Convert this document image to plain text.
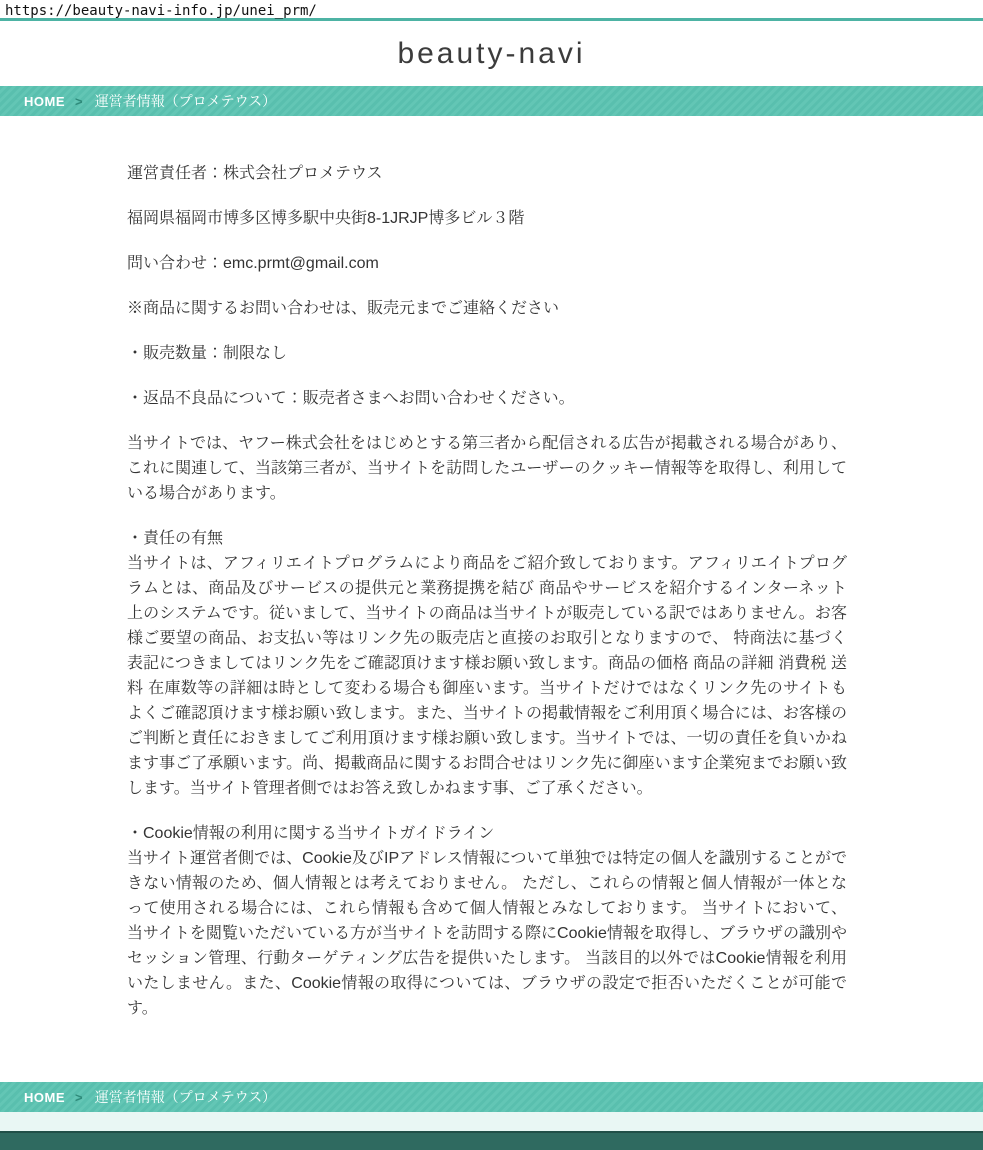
https://beauty-navi-info.jp/unei_prm/
beauty-navi
HOME > 運営者情報（プロメテウス）

運営責任者：株式会社プロメテウス

福岡県福岡市博多区博多駅中央街8-1JRJP博多ビル３階

問い合わせ：emc.prmt@gmail.com

※商品に関するお問い合わせは、販売元までご連絡ください

・販売数量：制限なし

・返品不良品について：販売者さまへお問い合わせください。

当サイトでは、ヤフー株式会社をはじめとする第三者から配信される広告が掲載される場合があり、これに関連して、当該第三者が、当サイトを訪問したユーザーのクッキー情報等を取得し、利用している場合があります。

・責任の有無
当サイトは、アフィリエイトプログラムにより商品をご紹介致しております。アフィリエイトプログラムとは、商品及びサービスの提供元と業務提携を結び 商品やサービスを紹介するインターネット上のシステムです。従いまして、当サイトの商品は当サイトが販売している訳ではありません。お客様ご要望の商品、お支払い等はリンク先の販売店と直接のお取引となりますので、 特商法に基づく表記につきましてはリンク先をご確認頂けます様お願い致します。商品の価格 商品の詳細 消費税 送料 在庫数等の詳細は時として変わる場合も御座います。当サイトだけではなくリンク先のサイトもよくご確認頂けます様お願い致します。また、当サイトの掲載情報をご利用頂く場合には、お客様のご判断と責任におきましてご利用頂けます様お願い致します。当サイトでは、一切の責任を負いかねます事ご了承願います。尚、掲載商品に関するお問合せはリンク先に御座います企業宛までお願い致します。当サイト管理者側ではお答え致しかねます事、ご了承ください。

・Cookie情報の利用に関する当サイトガイドライン
当サイト運営者側では、Cookie及びIPアドレス情報について単独では特定の個人を識別することができない情報のため、個人情報とは考えておりません。 ただし、これらの情報と個人情報が一体となって使用される場合には、これら情報も含めて個人情報とみなしております。 当サイトにおいて、当サイトを閲覧いただいている方が当サイトを訪問する際にCookie情報を取得し、ブラウザの識別やセッション管理、行動ターゲティング広告を提供いたします。 当該目的以外ではCookie情報を利用いたしません。また、Cookie情報の取得については、ブラウザの設定で拒否いただくことが可能です。

HOME > 運営者情報（プロメテウス）
